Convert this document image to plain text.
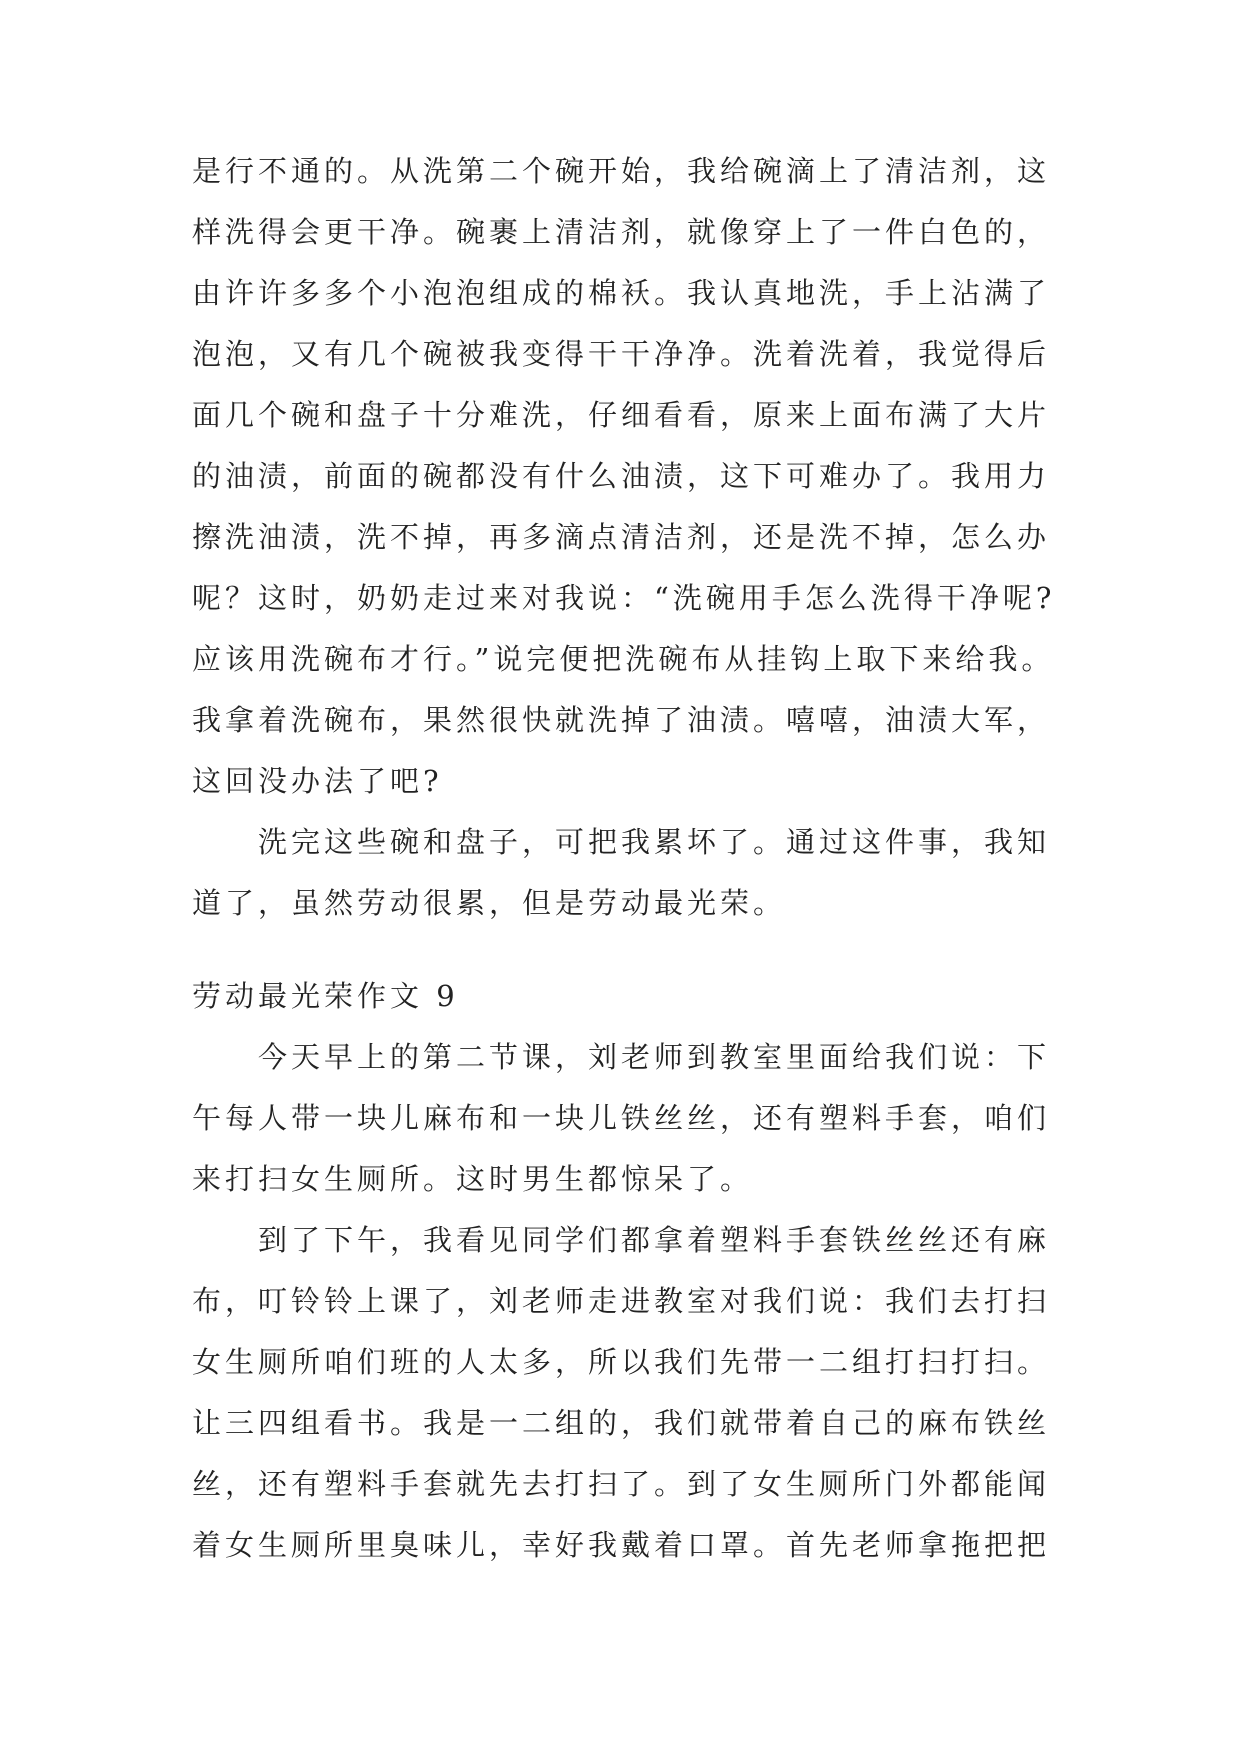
是行不通的。从洗第二个碗开始，我给碗滴上了清洁剂，这
样洗得会更干净。碗裹上清洁剂，就像穿上了一件白色的，
由许许多多个小泡泡组成的棉袄。我认真地洗，手上沾满了
泡泡，又有几个碗被我变得干干净净。洗着洗着，我觉得后
面几个碗和盘子十分难洗，仔细看看，原来上面布满了大片
的油渍，前面的碗都没有什么油渍，这下可难办了。我用力
擦洗油渍，洗不掉，再多滴点清洁剂，还是洗不掉，怎么办
呢？这时，奶奶走过来对我说：“洗碗用手怎么洗得干净呢?
应该用洗碗布才行。”说完便把洗碗布从挂钩上取下来给我。
我拿着洗碗布，果然很快就洗掉了油渍。嘻嘻，油渍大军，
这回没办法了吧?
洗完这些碗和盘子，可把我累坏了。通过这件事，我知
道了，虽然劳动很累，但是劳动最光荣。
劳动最光荣作文 9
今天早上的第二节课，刘老师到教室里面给我们说：下
午每人带一块儿麻布和一块儿铁丝丝，还有塑料手套，咱们
来打扫女生厕所。这时男生都惊呆了。
到了下午，我看见同学们都拿着塑料手套铁丝丝还有麻
布，叮铃铃上课了，刘老师走进教室对我们说：我们去打扫
女生厕所咱们班的人太多，所以我们先带一二组打扫打扫。
让三四组看书。我是一二组的，我们就带着自己的麻布铁丝
丝，还有塑料手套就先去打扫了。到了女生厕所门外都能闻
着女生厕所里臭味儿，幸好我戴着口罩。首先老师拿拖把把
